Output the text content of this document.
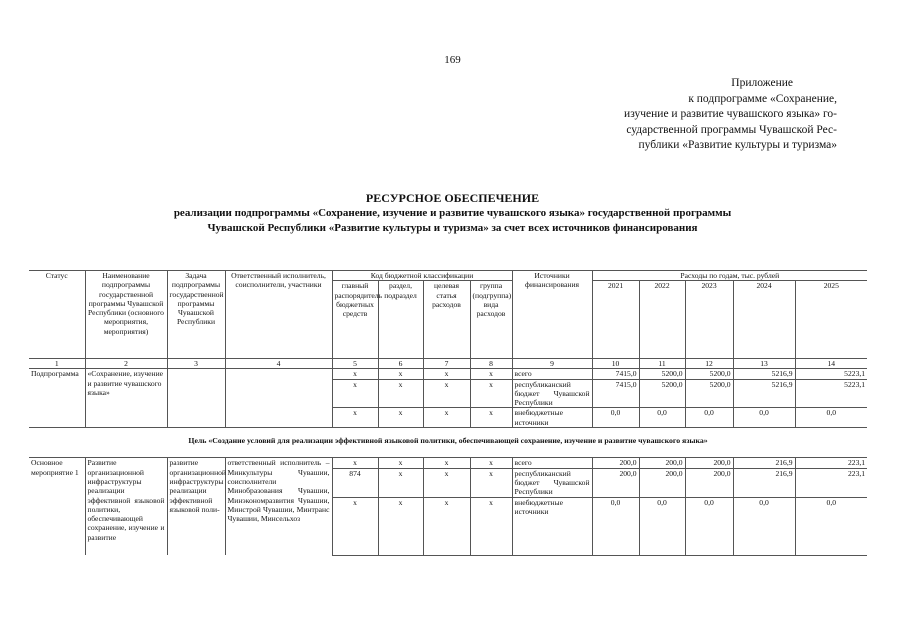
169
Приложение
к подпрограмме «Сохранение,
изучение и развитие чувашского языка» го-
сударственной программы Чувашской Рес-
публики «Развитие культуры и туризма»
РЕСУРСНОЕ ОБЕСПЕЧЕНИЕ
реализации подпрограммы «Сохранение, изучение и развитие чувашского языка» государственной программы
Чувашской Республики «Развитие культуры и туризма» за счет всех источников финансирования
Статус	Наименование подпрограммы государственной программы Чувашской Республики (основного мероприятия, мероприятия)	Задача подпрограммы государственной программы Чувашской Республики	Ответственный исполнитель, соисполнители, участники	Код бюджетной классификации				Источники финансирования	Расходы по годам, тыс. рублей				
				главный распорядитель бюджетных средств	раздел, подраздел	целевая статья расходов	группа (подгруппа) вида расходов		2021	2022	2023	2024	2025
1	2	3	4	5	6	7	8	9	10	11	12	13	14
Подпрограмма	«Сохранение, изучение и развитие чувашского языка»			x	x	x	x	всего	7415,0	5200,0	5200,0	5216,9	5223,1
				x	x	x	x	республиканский бюджет Чувашской Республики	7415,0	5200,0	5200,0	5216,9	5223,1
				x	x	x	x	внебюджетные источники	0,0	0,0	0,0	0,0	0,0
Цель «Создание условий для реализации эффективной языковой политики, обеспечивающей сохранение, изучение и развитие чувашского языка»													
Основное мероприятие 1	Развитие организационной инфраструктуры реализации эффективной языковой политики, обеспечивающей сохранение, изучение и развитие	развитие организационной инфраструктуры реализации эффективной языковой поли-	ответственный исполнитель – Минкультуры Чувашии, соисполнители Минобразования Чувашии, Минэкономразвития Чувашии, Минстрой Чувашии, Минтранс Чувашии, Минсельхоз	x	x	x	x	всего	200,0	200,0	200,0	216,9	223,1
				874	x	x	x	республиканский бюджет Чувашской Республики	200,0	200,0	200,0	216,9	223,1
				x	x	x	x	внебюджетные источники	0,0	0,0	0,0	0,0	0,0
